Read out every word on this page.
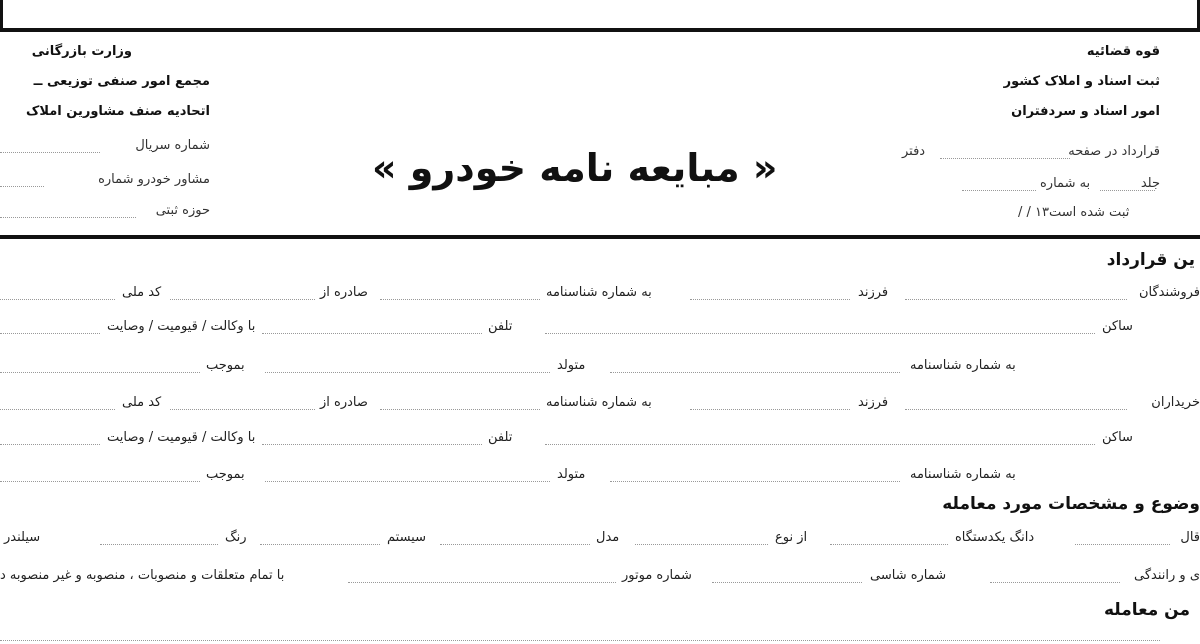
قوه قضائیه
ثبت اسناد و املاک کشور
امور اسناد و سردفتران
وزارت بازرگانی
مجمع امور صنفی توزیعی ــ
اتحادیه صنف مشاورین املاک
شماره سریال
مشاور خودرو شماره
حوزه ثبتی
« مبایعه نامه خودرو »	قرارداد در صفحه
دفتر
جلد
به شماره
/ / ۱۳ثبت شده است
ین قرارداد
فروشندگان
فرزند
به شماره شناسنامه
صادره از
کد ملی
ساکن
تلفن
با وکالت / قیومیت / وصایت
به شماره شناسنامه
متولد
بموجب
خریداران
فرزند
به شماره شناسنامه
صادره از
کد ملی
ساکن
تلفن
با وکالت / قیومیت / وصایت
به شماره شناسنامه
متولد
بموجب
وضوع و مشخصات مورد معامله
قال
دانگ یکدستگاه
از نوع
مدل
سیستم
رنگ
سیلندر
ی و رانندگی
شماره شاسی
شماره موتور
با تمام متعلقات و منصوبات ، منصوبه و غیر منصوبه د
من معامله
